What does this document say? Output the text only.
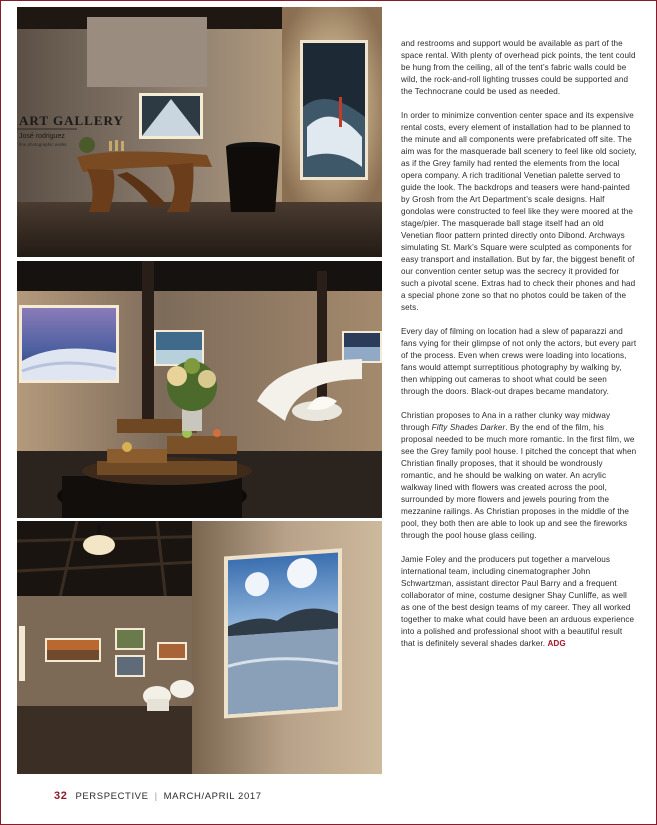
ART GALLERY
José rodriguez
fine photographic works

and restrooms and support would be available as part of the space rental. With plenty of overhead pick points, the tent could be hung from the ceiling, all of the tent’s fabric walls could be wild, the rock-and-roll lighting trusses could be supported and the Technocrane could be used as needed.

In order to minimize convention center space and its expensive rental costs, every element of installation had to be planned to the minute and all components were prefabricated off site. The aim was for the masquerade ball scenery to feel like old society, as if the Grey family had rented the elements from the local opera company. A rich traditional Venetian palette served to guide the look. The backdrops and teasers were hand-painted by Grosh from the Art Department’s scale designs. Half gondolas were constructed to feel like they were moored at the stage/pier. The masquerade ball stage itself had an old Venetian floor pattern printed directly onto Dibond. Archways simulating St. Mark’s Square were sculpted as components for easy transport and installation. But by far, the biggest benefit of our convention center setup was the secrecy it provided for such a pivotal scene. Extras had to check their phones and had a special phone zone so that no photos could be taken of the sets.

Every day of filming on location had a slew of paparazzi and fans vying for their glimpse of not only the actors, but every part of the process. Even when crews were loading into locations, fans would attempt surreptitious photography by walking by, then whipping out cameras to shoot what could be seen through the doors. Black-out drapes became mandatory.

Christian proposes to Ana in a rather clunky way midway through Fifty Shades Darker. By the end of the film, his proposal needed to be much more romantic. In the first film, we see the Grey family pool house. I pitched the concept that when Christian finally proposes, that it should be wondrously romantic, and he should be walking on water. An acrylic walkway lined with flowers was created across the pool, surrounded by more flowers and jewels pouring from the mezzanine railings. As Christian proposes in the middle of the pool, they both then are able to look up and see the fireworks through the pool house glass ceiling.

Jamie Foley and the producers put together a marvelous international team, including cinematographer John Schwartzman, assistant director Paul Barry and a frequent collaborator of mine, costume designer Shay Cunliffe, as well as one of the best design teams of my career. They all worked together to make what could have been an arduous experience into a polished and professional shoot with a beautiful result that is definitely several shades darker. ADG

32 PERSPECTIVE | MARCH/APRIL 2017
